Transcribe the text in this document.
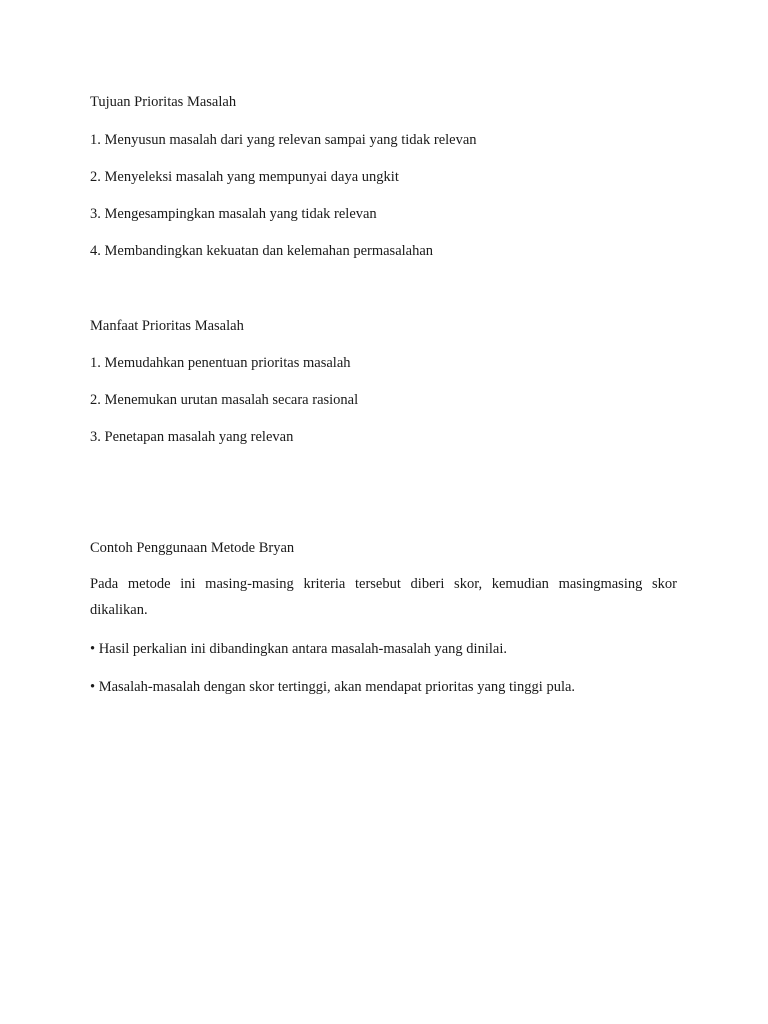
Tujuan Prioritas Masalah
1. Menyusun masalah dari yang relevan sampai yang tidak relevan
2. Menyeleksi masalah yang mempunyai daya ungkit
3. Mengesampingkan masalah yang tidak relevan
4. Membandingkan kekuatan dan kelemahan permasalahan
Manfaat Prioritas Masalah
1. Memudahkan penentuan prioritas masalah
2. Menemukan urutan masalah secara rasional
3. Penetapan masalah yang relevan
Contoh Penggunaan Metode Bryan
Pada metode ini masing-masing kriteria tersebut diberi skor, kemudian masingmasing skor dikalikan.
• Hasil perkalian ini dibandingkan antara masalah-masalah yang dinilai.
• Masalah-masalah dengan skor tertinggi, akan mendapat prioritas yang tinggi pula.
